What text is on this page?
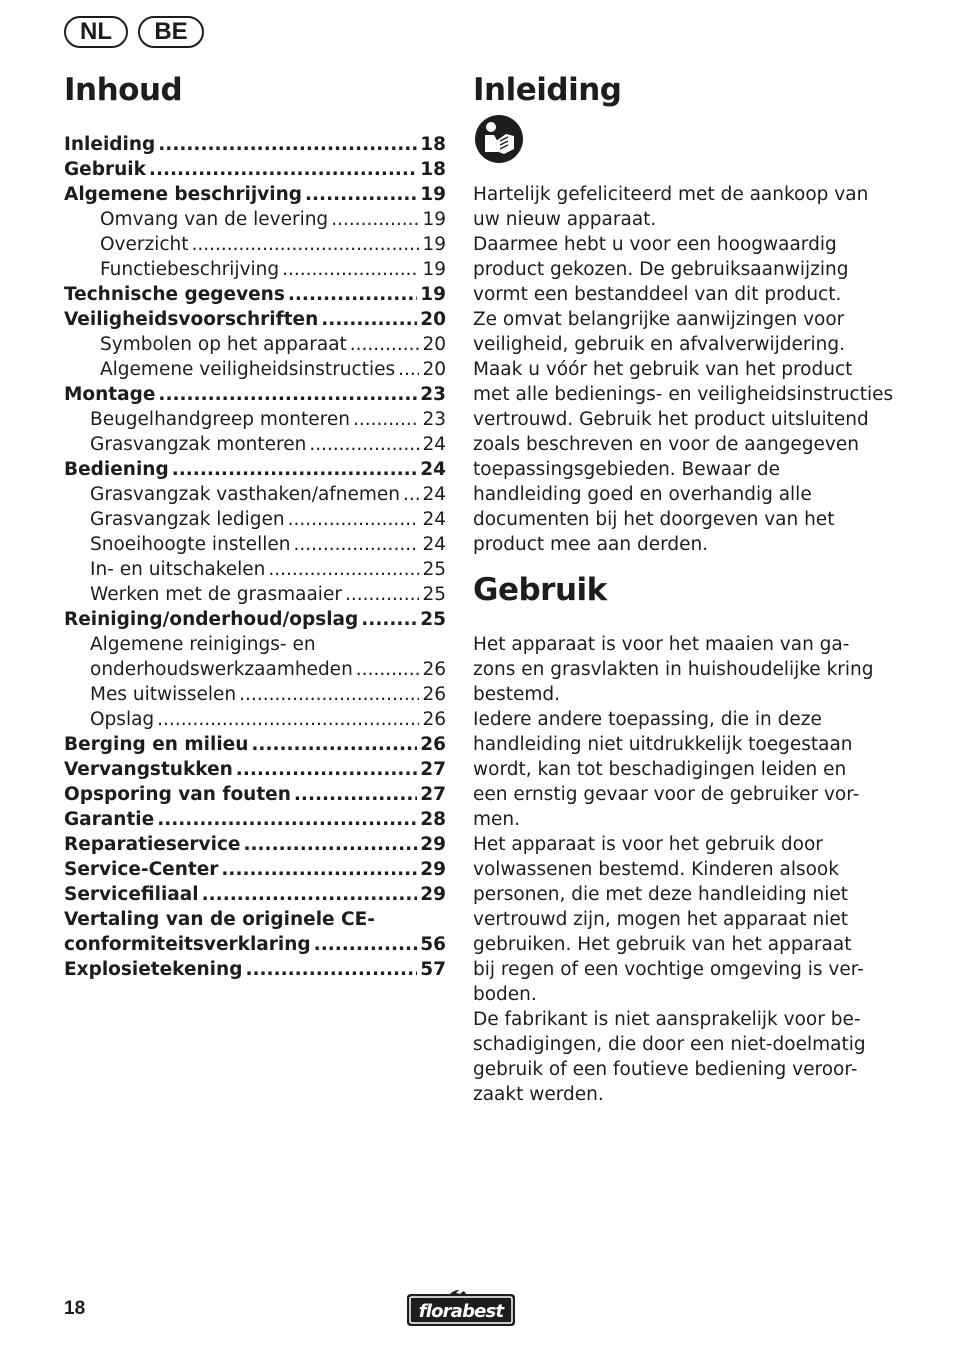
NL	BE
Inhoud
Inleiding .....	18
Gebruik .....	18
Algemene beschrijving .....	19
Omvang van de levering .....	19
Overzicht .....	19
Functiebeschrijving .....	19
Technische gegevens .....	19
Veiligheidsvoorschriften .....	20
Symbolen op het apparaat .....	20
Algemene veiligheidsinstructies ..... 20
Montage .....	23
Beugelhandgreep monteren .....	23
Grasvangzak monteren .....	24
Bediening .....	24
Grasvangzak vasthaken/afnemen ..... 24
Grasvangzak ledigen .....	24
Snoeihoogte instellen .....	24
In- en uitschakelen .....	25
Werken met de grasmaaier .....	25
Reiniging/onderhoud/opslag .....	25
Algemene reinigings- en
onderhoudswerkzaamheden .....	26
Mes uitwisselen .....	26
Opslag .....	26
Berging en milieu .....	26
Vervangstukken .....	27
Opsporing van fouten .....	27
Garantie .....	28
Reparatieservice .....	29
Service-Center .....	29
Servicefiliaal .....	29
Vertaling van de originele CE-
conformiteitsverklaring .....	56
Explosietekening .....	57
Inleiding
Hartelijk gefeliciteerd met de aankoop van
uw nieuw apparaat.
Daarmee hebt u voor een hoogwaardig
product gekozen. De gebruiksaanwijzing
vormt een bestanddeel van dit product.
Ze omvat belangrijke aanwijzingen voor
veiligheid, gebruik en afvalverwijdering.
Maak u vóór het gebruik van het product
met alle bedienings- en veiligheidsinstructies
vertrouwd. Gebruik het product uitsluitend
zoals beschreven en voor de aangegeven
toepassingsgebieden. Bewaar de
handleiding goed en overhandig alle
documenten bij het doorgeven van het
product mee aan derden.
Gebruik
Het apparaat is voor het maaien van ga-
zons en grasvlakten in huishoudelijke kring
bestemd.
Iedere andere toepassing, die in deze
handleiding niet uitdrukkelijk toegestaan
wordt, kan tot beschadigingen leiden en
een ernstig gevaar voor de gebruiker vor-
men.
Het apparaat is voor het gebruik door
volwassenen bestemd. Kinderen alsook
personen, die met deze handleiding niet
vertrouwd zijn, mogen het apparaat niet
gebruiken. Het gebruik van het apparaat
bij regen of een vochtige omgeving is ver-
boden.
De fabrikant is niet aansprakelijk voor be-
schadigingen, die door een niet-doelmatig
gebruik of een foutieve bediening veroor-
zaakt werden.
18	florabest
